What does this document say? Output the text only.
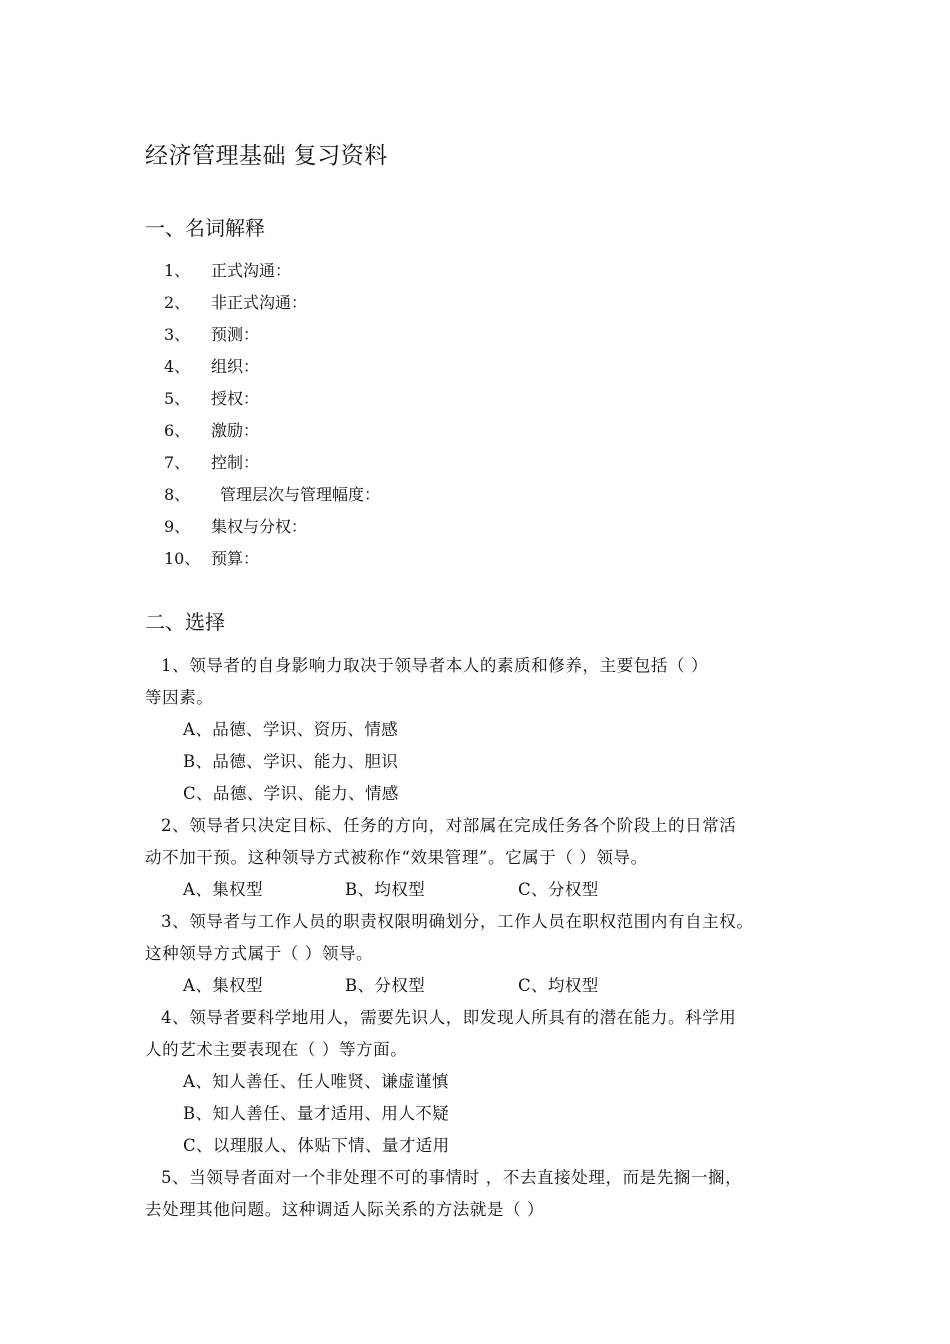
经济管理基础 复习资料
一、名词解释
1、 正式沟通：
2、 非正式沟通：
3、 预测：
4、 组织：
5、 授权：
6、 激励：
7、 控制：
8、 管理层次与管理幅度：
9、 集权与分权：
10、 预算：
二、选择
1、领导者的自身影响力取决于领导者本人的素质和修养，主要包括（ ）
等因素。
A、品德、学识、资历、情感
B、品德、学识、能力、胆识
C、品德、学识、能力、情感
2、领导者只决定目标、任务的方向，对部属在完成任务各个阶段上的日常活
动不加干预。这种领导方式被称作“效果管理”。它属于（ ）领导。
A、集权型	B、均权型	C、分权型
3、领导者与工作人员的职责权限明确划分，工作人员在职权范围内有自主权。
这种领导方式属于（ ）领导。
A、集权型	B、分权型	C、均权型
4、领导者要科学地用人，需要先识人，即发现人所具有的潜在能力。科学用
人的艺术主要表现在（ ）等方面。
A、知人善任、任人唯贤、谦虚谨慎
B、知人善任、量才适用、用人不疑
C、以理服人、体贴下情、量才适用
5、当领导者面对一个非处理不可的事情时 ，不去直接处理，而是先搁一搁，
去处理其他问题。这种调适人际关系的方法就是（ ）
